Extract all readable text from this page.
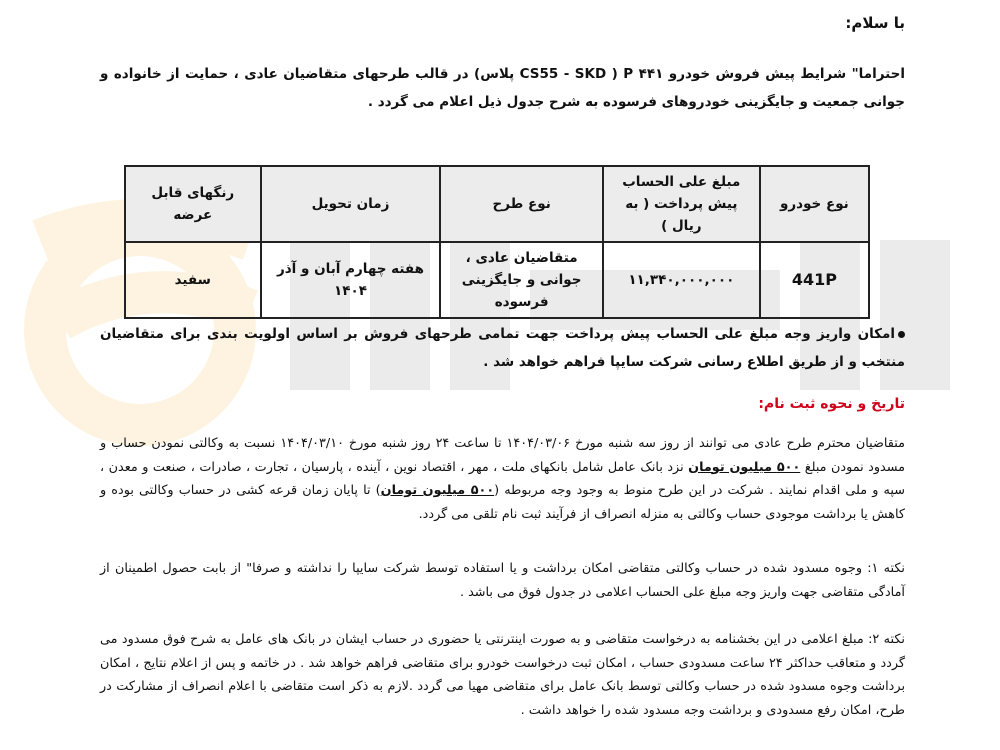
با سلام:
احتراما" شرایط پیش فروش خودرو ۴۴۱ P ( CS55 - SKD پلاس) در قالب طرحهای متقاضیان عادی ، حمایت از خانواده و جوانی جمعیت و جایگزینی خودروهای فرسوده به شرح جدول ذیل اعلام می گردد .
نوع خودرو	مبلغ علی الحساب پیش پرداخت ( به ریال )	نوع طرح	زمان تحویل	رنگهای قابل عرضه
441P	۱۱,۳۴۰,۰۰۰,۰۰۰	متقاضیان عادی ، جوانی و جایگزینی فرسوده	هفته چهارم آبان و آذر ۱۴۰۴	سفید
امکان واریز وجه مبلغ علی الحساب پیش پرداخت جهت تمامی طرحهای فروش بر اساس اولویت بندی برای متقاضیان منتخب و از طریق اطلاع رسانی شرکت سایپا فراهم خواهد شد .
تاریخ و نحوه ثبت نام:
متقاضیان محترم طرح عادی می توانند از روز سه شنبه مورخ ۱۴۰۴/۰۳/۰۶ تا ساعت ۲۴ روز شنبه مورخ ۱۴۰۴/۰۳/۱۰ نسبت به وکالتی نمودن حساب و مسدود نمودن مبلغ ۵۰۰ میلیون تومان نزد بانک عامل شامل بانکهای ملت ، مهر ، اقتصاد نوین ، آینده ، پارسیان ، تجارت ، صادرات ، صنعت و معدن ، سپه و ملی اقدام نمایند . شرکت در این طرح منوط به وجود وجه مربوطه (۵۰۰ میلیون تومان) تا پایان زمان قرعه کشی در حساب وکالتی بوده و کاهش یا برداشت موجودی حساب وکالتی به منزله انصراف از فرآیند ثبت نام تلقی می گردد.
نکته ۱: وجوه مسدود شده در حساب وکالتی متقاضی امکان برداشت و یا استفاده توسط شرکت سایپا را نداشته و صرفا" از بابت حصول اطمینان از آمادگی متقاضی جهت واریز وجه مبلغ علی الحساب اعلامی در جدول فوق می باشد .
نکته ۲: مبلغ اعلامی در این بخشنامه به درخواست متقاضی و به صورت اینترنتی یا حضوری در حساب ایشان در بانک های عامل به شرح فوق مسدود می گردد و متعاقب حداکثر ۲۴ ساعت مسدودی حساب ، امکان ثبت درخواست خودرو برای متقاضی فراهم خواهد شد . در خاتمه و پس از اعلام نتایج ، امکان برداشت وجوه مسدود شده در حساب وکالتی توسط بانک عامل برای متقاضی مهیا می گردد .لازم به ذکر است متقاضی با اعلام انصراف از مشارکت در طرح، امکان رفع مسدودی و برداشت وجه مسدود شده را خواهد داشت .
